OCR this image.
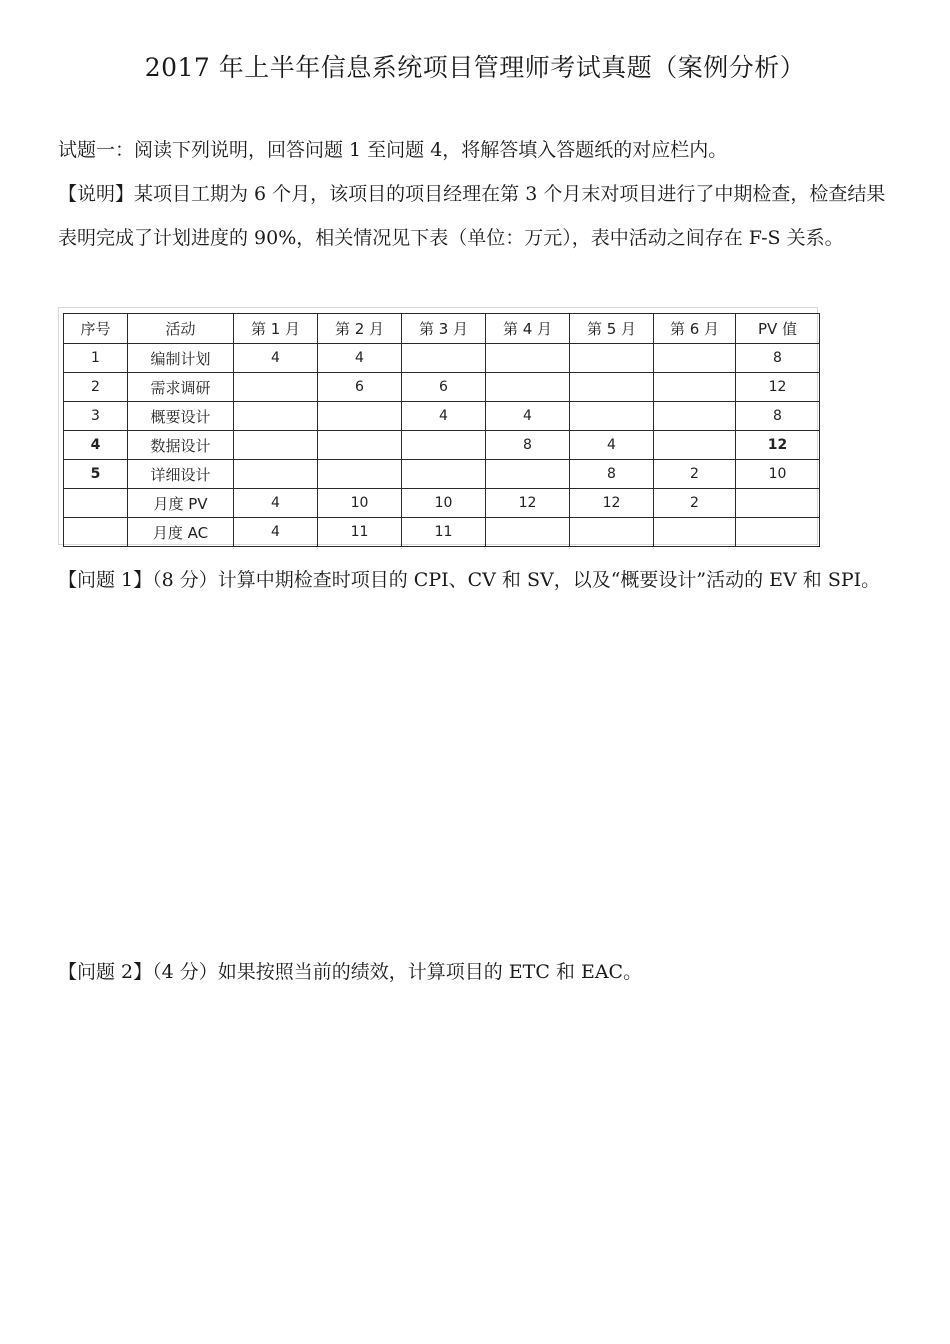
2017 年上半年信息系统项目管理师考试真题（案例分析）
试题一：阅读下列说明，回答问题 1 至问题 4，将解答填入答题纸的对应栏内。
【说明】某项目工期为 6 个月，该项目的项目经理在第 3 个月末对项目进行了中期检查，检查结果表明完成了计划进度的 90%，相关情况见下表（单位：万元），表中活动之间存在 F-S 关系。
序号	活动	第 1 月	第 2 月	第 3 月	第 4 月	第 5 月	第 6 月	PV 值
1	编制计划	4	4					8
2	需求调研		6	6				12
3	概要设计			4	4			8
4	数据设计				8	4		12
5	详细设计					8	2	10
	月度 PV	4	10	10	12	12	2	
	月度 AC	4	11	11				
【问题 1】（8 分）计算中期检查时项目的 CPI、CV 和 SV，以及“概要设计”活动的 EV 和 SPI。
【问题 2】（4 分）如果按照当前的绩效，计算项目的 ETC 和 EAC。
